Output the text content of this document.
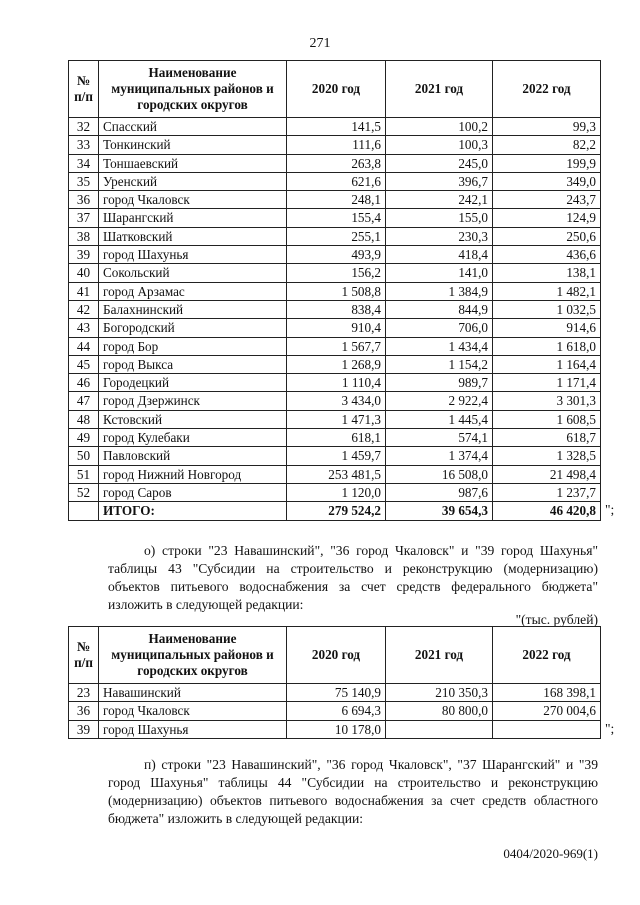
271
№ п/п	Наименование муниципальных районов и городских округов	2020 год	2021 год	2022 год
32	Спасский	141,5	100,2	99,3
33	Тонкинский	111,6	100,3	82,2
34	Тоншаевский	263,8	245,0	199,9
35	Уренский	621,6	396,7	349,0
36	город Чкаловск	248,1	242,1	243,7
37	Шарангский	155,4	155,0	124,9
38	Шатковский	255,1	230,3	250,6
39	город Шахунья	493,9	418,4	436,6
40	Сокольский	156,2	141,0	138,1
41	город Арзамас	1 508,8	1 384,9	1 482,1
42	Балахнинский	838,4	844,9	1 032,5
43	Богородский	910,4	706,0	914,6
44	город Бор	1 567,7	1 434,4	1 618,0
45	город Выкса	1 268,9	1 154,2	1 164,4
46	Городецкий	1 110,4	989,7	1 171,4
47	город Дзержинск	3 434,0	2 922,4	3 301,3
48	Кстовский	1 471,3	1 445,4	1 608,5
49	город Кулебаки	618,1	574,1	618,7
50	Павловский	1 459,7	1 374,4	1 328,5
51	город Нижний Новгород	253 481,5	16 508,0	21 498,4
52	город Саров	1 120,0	987,6	1 237,7
	ИТОГО:	279 524,2	39 654,3	46 420,8 ";
о) строки "23 Навашинский", "36 город Чкаловск" и "39 город Шахунья" таблицы 43 "Субсидии на строительство и реконструкцию (модернизацию) объектов питьевого водоснабжения за счет средств федерального бюджета" изложить в следующей редакции:
"(тыс. рублей)
№ п/п	Наименование муниципальных районов и городских округов	2020 год	2021 год	2022 год
23	Навашинский	75 140,9	210 350,3	168 398,1
36	город Чкаловск	6 694,3	80 800,0	270 004,6
39	город Шахунья	10 178,0			";
п) строки "23 Навашинский", "36 город Чкаловск", "37 Шарангский" и "39 город Шахунья" таблицы 44 "Субсидии на строительство и реконструкцию (модернизацию) объектов питьевого водоснабжения за счет средств областного бюджета" изложить в следующей редакции:
0404/2020-969(1)
